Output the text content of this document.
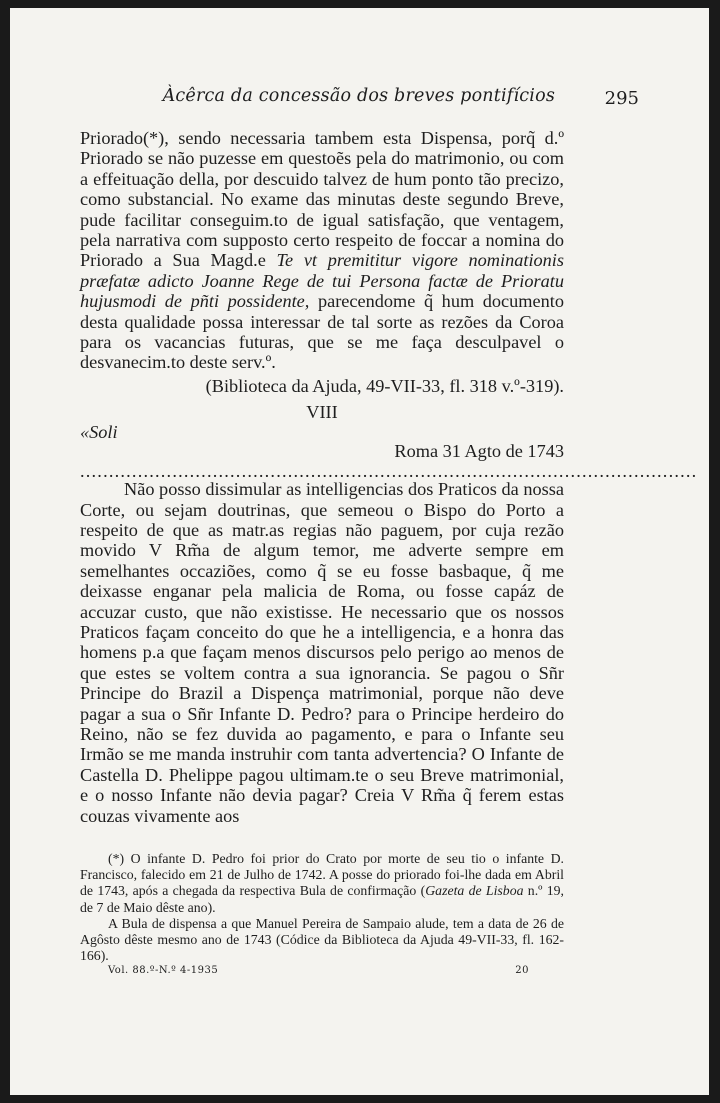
Àcêrca da concessão dos breves pontifícios	295

Priorado(*), sendo necessaria tambem esta Dispensa, porq̃ d.º Priorado se não puzesse em questoẽs pela do matrimonio, ou com a effeituação della, por descuido talvez de hum ponto tão precizo, como substancial. No exame das minutas deste segundo Breve, pude facilitar conseguim.to de igual satisfação, que ventagem, pela narrativa com supposto certo respeito de foccar a nomina do Priorado a Sua Magd.e Te vt premititur vigore nominationis prӕfatӕ adicto Joanne Rege de tui Persona factӕ de Prioratu hujusmodi de pñti possidente, parecendome q̃ hum documento desta qualidade possa interessar de tal sorte as rezões da Coroa para os vacancias futuras, que se me faça desculpavel o desvanecim.to deste serv.º.

(Biblioteca da Ajuda, 49-VII-33, fl. 318 v.º-319).

VIII

«Soli

Roma 31 Agto de 1743

...........................................................................................................

Não posso dissimular as intelligencias dos Praticos da nossa Corte, ou sejam doutrinas, que semeou o Bispo do Porto a respeito de que as matr.as regias não paguem, por cuja rezão movido V Rm̃a de algum temor, me adverte sempre em semelhantes occaziões, como q̃ se eu fosse basbaque, q̃ me deixasse enganar pela malicia de Roma, ou fosse capáz de accuzar custo, que não existisse. He necessario que os nossos Praticos façam conceito do que he a intelligencia, e a honra das homens p.a que façam menos discursos pelo perigo ao menos de que estes se voltem contra a sua ignorancia. Se pagou o Sñr Principe do Brazil a Dispença matrimonial, porque não deve pagar a sua o Sñr Infante D. Pedro? para o Principe herdeiro do Reino, não se fez duvida ao pagamento, e para o Infante seu Irmão se me manda instruhir com tanta advertencia? O Infante de Castella D. Phelippe pagou ultimam.te o seu Breve matrimonial, e o nosso Infante não devia pagar? Creia V Rm̃a q̃ ferem estas couzas vivamente aos

(*) O infante D. Pedro foi prior do Crato por morte de seu tio o infante D. Francisco, falecido em 21 de Julho de 1742. A posse do priorado foi-lhe dada em Abril de 1743, após a chegada da respectiva Bula de confirmação (Gazeta de Lisboa n.º 19, de 7 de Maio dêste ano).

A Bula de dispensa a que Manuel Pereira de Sampaio alude, tem a data de 26 de Agôsto dêste mesmo ano de 1743 (Códice da Biblioteca da Ajuda 49-VII-33, fl. 162-166).

Vol. 88.º-N.º 4-1935	20
